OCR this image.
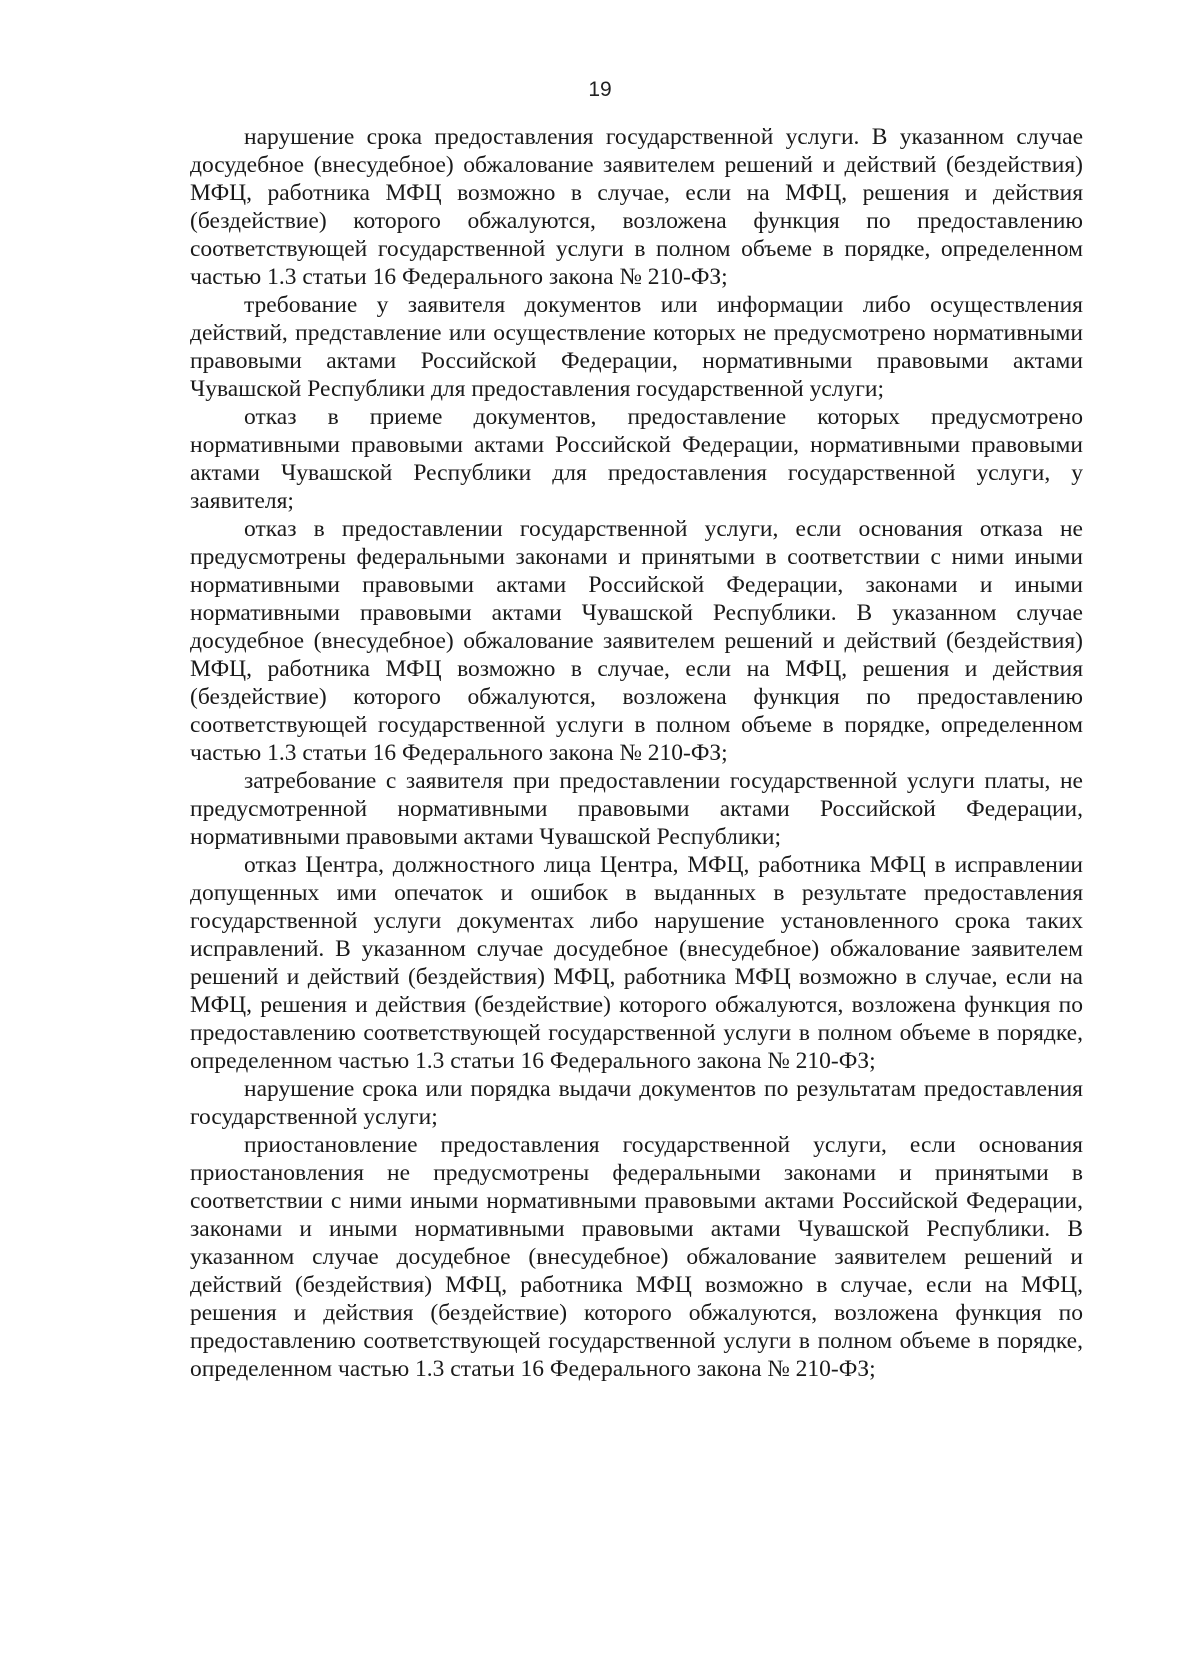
19

нарушение срока предоставления государственной услуги. В указанном случае досудебное (внесудебное) обжалование заявителем решений и действий (бездействия) МФЦ, работника МФЦ возможно в случае, если на МФЦ, решения и действия (бездействие) которого обжалуются, возложена функция по предоставлению соответствующей государственной услуги в полном объеме в порядке, определенном частью 1.3 статьи 16 Федерального закона № 210-ФЗ;

требование у заявителя документов или информации либо осуществления действий, представление или осуществление которых не предусмотрено нормативными правовыми актами Российской Федерации, нормативными правовыми актами Чувашской Республики для предоставления государственной услуги;

отказ в приеме документов, предоставление которых предусмотрено нормативными правовыми актами Российской Федерации, нормативными правовыми актами Чувашской Республики для предоставления государственной услуги, у заявителя;

отказ в предоставлении государственной услуги, если основания отказа не предусмотрены федеральными законами и принятыми в соответствии с ними иными нормативными правовыми актами Российской Федерации, законами и иными нормативными правовыми актами Чувашской Республики. В указанном случае досудебное (внесудебное) обжалование заявителем решений и действий (бездействия) МФЦ, работника МФЦ возможно в случае, если на МФЦ, решения и действия (бездействие) которого обжалуются, возложена функция по предоставлению соответствующей государственной услуги в полном объеме в порядке, определенном частью 1.3 статьи 16 Федерального закона № 210-ФЗ;

затребование с заявителя при предоставлении государственной услуги платы, не предусмотренной нормативными правовыми актами Российской Федерации, нормативными правовыми актами Чувашской Республики;

отказ Центра, должностного лица Центра, МФЦ, работника МФЦ в исправлении допущенных ими опечаток и ошибок в выданных в результате предоставления государственной услуги документах либо нарушение установленного срока таких исправлений. В указанном случае досудебное (внесудебное) обжалование заявителем решений и действий (бездействия) МФЦ, работника МФЦ возможно в случае, если на МФЦ, решения и действия (бездействие) которого обжалуются, возложена функция по предоставлению соответствующей государственной услуги в полном объеме в порядке, определенном частью 1.3 статьи 16 Федерального закона № 210-ФЗ;

нарушение срока или порядка выдачи документов по результатам предоставления государственной услуги;

приостановление предоставления государственной услуги, если основания приостановления не предусмотрены федеральными законами и принятыми в соответствии с ними иными нормативными правовыми актами Российской Федерации, законами и иными нормативными правовыми актами Чувашской Республики. В указанном случае досудебное (внесудебное) обжалование заявителем решений и действий (бездействия) МФЦ, работника МФЦ возможно в случае, если на МФЦ, решения и действия (бездействие) которого обжалуются, возложена функция по предоставлению соответствующей государственной услуги в полном объеме в порядке, определенном частью 1.3 статьи 16 Федерального закона № 210-ФЗ;
